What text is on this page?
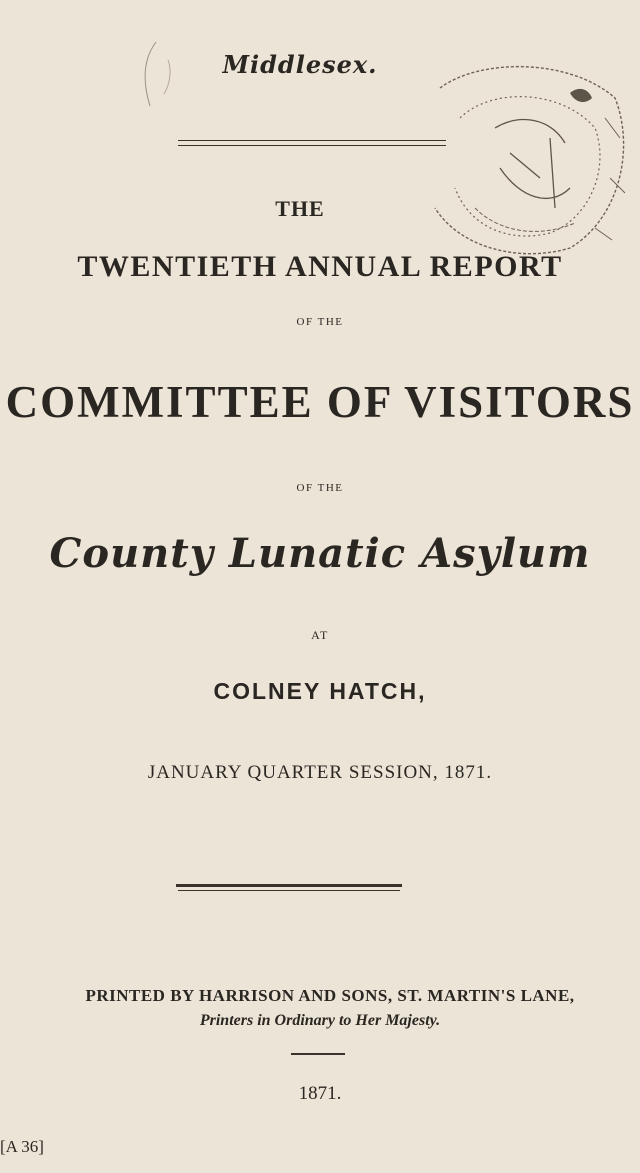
Middlesex.
THE
TWENTIETH ANNUAL REPORT
OF THE
COMMITTEE OF VISITORS
OF THE
County Lunatic Asylum
AT
COLNEY HATCH,
JANUARY QUARTER SESSION, 1871.
PRINTED BY HARRISON AND SONS, ST. MARTIN'S LANE,
Printers in Ordinary to Her Majesty.
1871.
[A 36]
